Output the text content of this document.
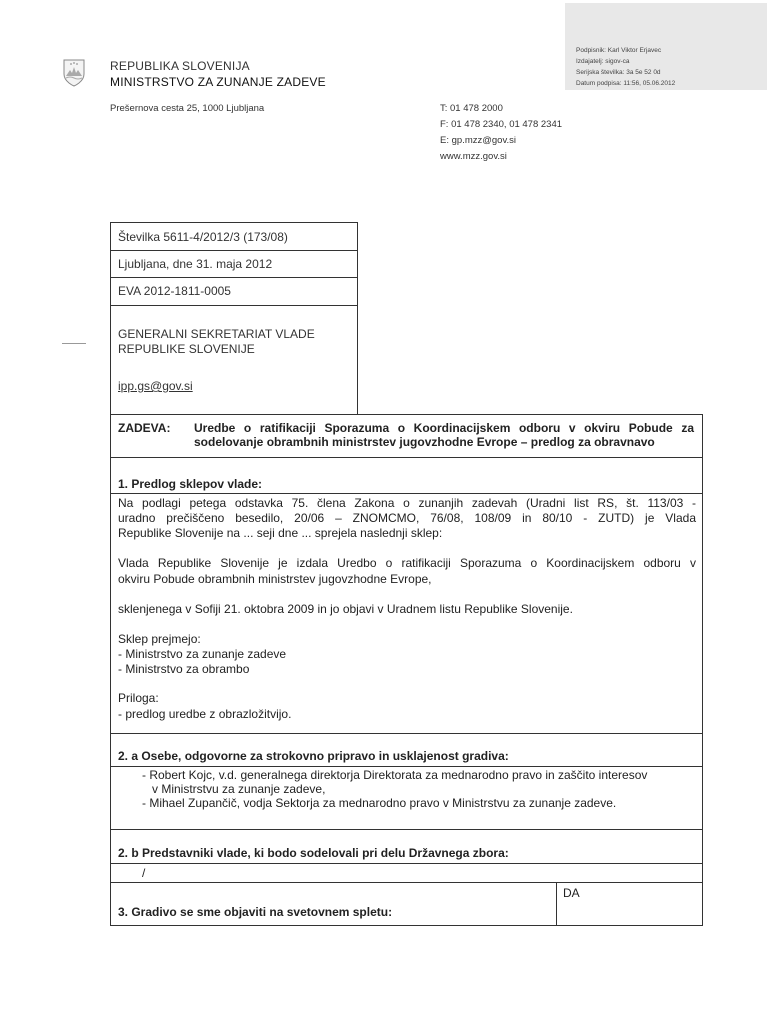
Podpisnik: Karl Viktor Erjavec
Izdajatelj: sigov-ca
Serijska številka: 3a 5e 52 0d
Datum podpisa: 11:56, 05.06.2012
REPUBLIKA SLOVENIJA
MINISTRSTVO ZA ZUNANJE ZADEVE
Prešernova cesta 25, 1000 Ljubljana	T: 01 478 2000
F: 01 478 2340, 01 478 2341
E: gp.mzz@gov.si
www.mzz.gov.si
Številka 5611-4/2012/3 (173/08)
Ljubljana, dne 31. maja 2012
EVA 2012-1811-0005
GENERALNI SEKRETARIAT VLADE
REPUBLIKE SLOVENIJE
ipp.gs@gov.si
ZADEVA: Uredbe o ratifikaciji Sporazuma o Koordinacijskem odboru v okviru Pobude za
sodelovanje obrambnih ministrstev jugovzhodne Evrope – predlog za obravnavo
1. Predlog sklepov vlade:
Na podlagi petega odstavka 75. člena Zakona o zunanjih zadevah (Uradni list RS, št. 113/03 -
uradno prečiščeno besedilo, 20/06 – ZNOMCMO, 76/08, 108/09 in 80/10 - ZUTD) je Vlada
Republike Slovenije na ... seji dne ... sprejela naslednji sklep:
Vlada Republike Slovenije je izdala Uredbo o ratifikaciji Sporazuma o Koordinacijskem odboru v
okviru Pobude obrambnih ministrstev jugovzhodne Evrope,
sklenjenega v Sofiji 21. oktobra 2009 in jo objavi v Uradnem listu Republike Slovenije.
Sklep prejmejo:
- Ministrstvo za zunanje zadeve
- Ministrstvo za obrambo
Priloga:
- predlog uredbe z obrazložitvijo.
2. a Osebe, odgovorne za strokovno pripravo in usklajenost gradiva:
- Robert Kojc, v.d. generalnega direktorja Direktorata za mednarodno pravo in zaščito interesov
v Ministrstvu za zunanje zadeve,
- Mihael Zupančič, vodja Sektorja za mednarodno pravo v Ministrstvu za zunanje zadeve.
2. b Predstavniki vlade, ki bodo sodelovali pri delu Državnega zbora:
/
3. Gradivo se sme objaviti na svetovnem spletu:
DA
